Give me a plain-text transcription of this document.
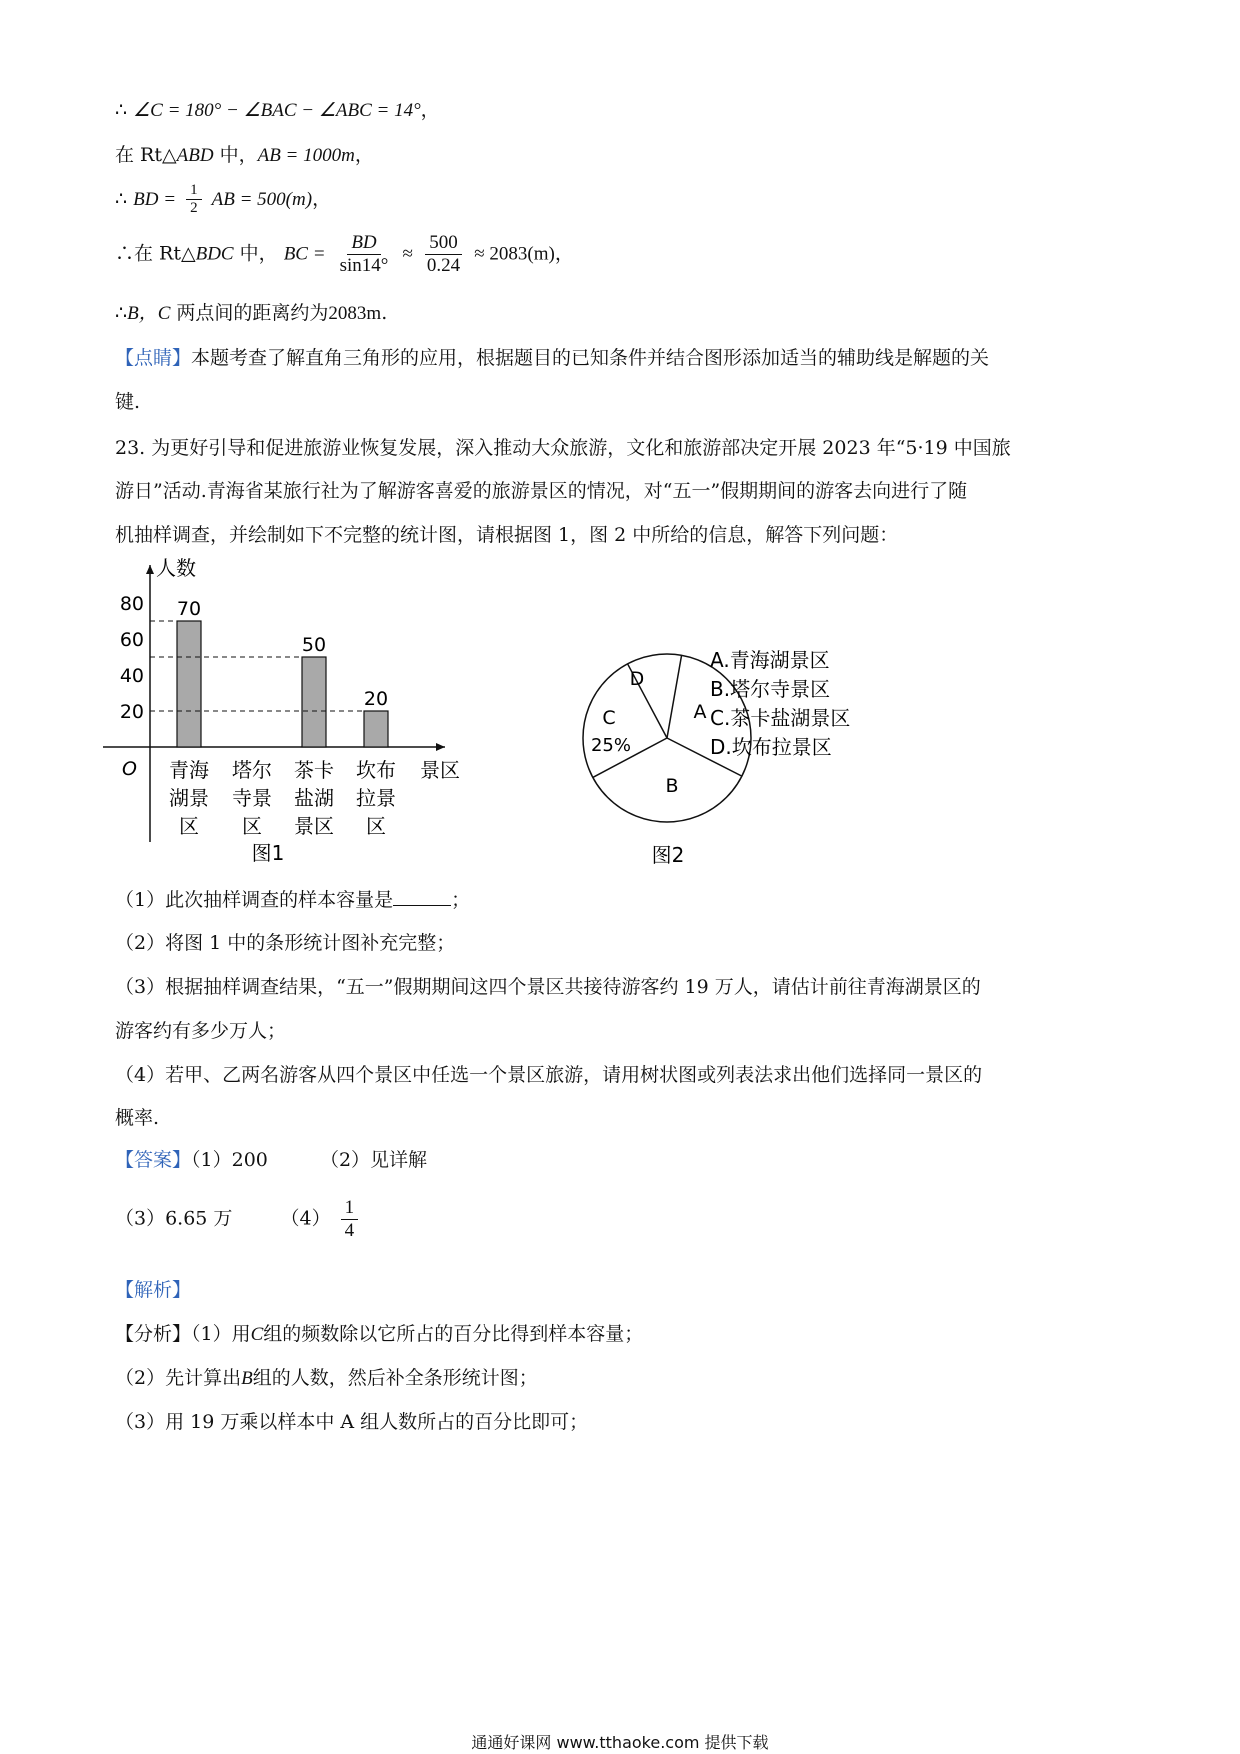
∴ ∠C = 180° − ∠BAC − ∠ABC = 14°，
在 Rt△ABD 中，AB = 1000m，
∴ BD = $\frac{1}{2}$ AB = 500(m)，
∴在 Rt△BDC 中， BC = $\frac{BD}{\sin 14^\circ} \approx \frac{500}{0.24} \approx 2083(m)$，
∴B，C 两点间的距离约为2083m.
【点睛】本题考查了解直角三角形的应用，根据题目的已知条件并结合图形添加适当的辅助线是解题的关
键.
23. 为更好引导和促进旅游业恢复发展，深入推动大众旅游，文化和旅游部决定开展 2023 年“5·19 中国旅
游日”活动.青海省某旅行社为了解游客喜爱的旅游景区的情况，对“五一”假期期间的游客去向进行了随
机抽样调查，并绘制如下不完整的统计图，请根据图 1，图 2 中所给的信息，解答下列问题：
人数
景区
O
20
40
60
80 70
青海
湖景
区
塔尔
寺景
区
50
茶卡
盐湖
景区
20
坎布
拉景
区
图1
A
B
C
25%
D
A.青海湖景区
B.塔尔寺景区
C.茶卡盐湖景区
D.坎布拉景区
图2
（1）此次抽样调查的样本容量是	；
（2）将图 1 中的条形统计图补充完整；
（3）根据抽样调查结果，“五一”假期期间这四个景区共接待游客约 19 万人，请估计前往青海湖景区的
游客约有多少万人；
（4）若甲、乙两名游客从四个景区中任选一个景区旅游，请用树状图或列表法求出他们选择同一景区的
概率.
【答案】（1）200	（2）见详解
（3）6.65 万	$(4) \frac{1}{4}$
【解析】
【分析】（1）用C组的频数除以它所占的百分比得到样本容量；
（2）先计算出B组的人数，然后补全条形统计图；
（3）用 19 万乘以样本中 A 组人数所占的百分比即可；
通通好课网 www.tthaoke.com 提供下载
